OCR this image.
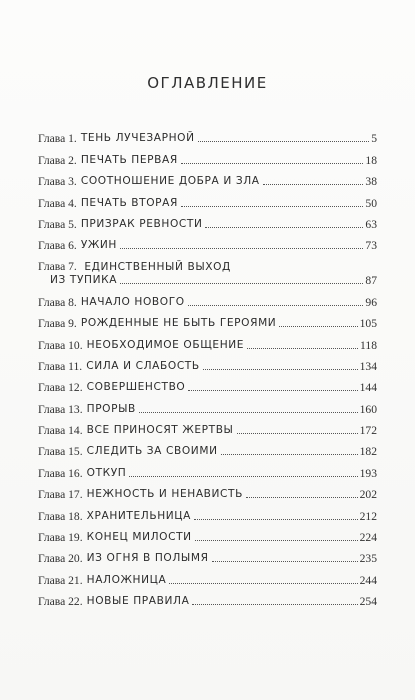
ОГЛАВЛЕНИЕ
Глава 1. ТЕНЬ ЛУЧЕЗАРНОЙ	5
Глава 2. ПЕЧАТЬ ПЕРВАЯ	18
Глава 3. СООТНОШЕНИЕ ДОБРА И ЗЛА	38
Глава 4. ПЕЧАТЬ ВТОРАЯ	50
Глава 5. ПРИЗРАК РЕВНОСТИ	63
Глава 6. УЖИН	73
Глава 7. ЕДИНСТВЕННЫЙ ВЫХОД
ИЗ ТУПИКА	87
Глава 8. НАЧАЛО НОВОГО	96
Глава 9. РОЖДЕННЫЕ НЕ БЫТЬ ГЕРОЯМИ	105
Глава 10. НЕОБХОДИМОЕ ОБЩЕНИЕ	118
Глава 11. СИЛА И СЛАБОСТЬ	134
Глава 12. СОВЕРШЕНСТВО	144
Глава 13. ПРОРЫВ	160
Глава 14. ВСЕ ПРИНОСЯТ ЖЕРТВЫ	172
Глава 15. СЛЕДИТЬ ЗА СВОИМИ	182
Глава 16. ОТКУП	193
Глава 17. НЕЖНОСТЬ И НЕНАВИСТЬ	202
Глава 18. ХРАНИТЕЛЬНИЦА	212
Глава 19. КОНЕЦ МИЛОСТИ	224
Глава 20. ИЗ ОГНЯ В ПОЛЫМЯ	235
Глава 21. НАЛОЖНИЦА	244
Глава 22. НОВЫЕ ПРАВИЛА	254
